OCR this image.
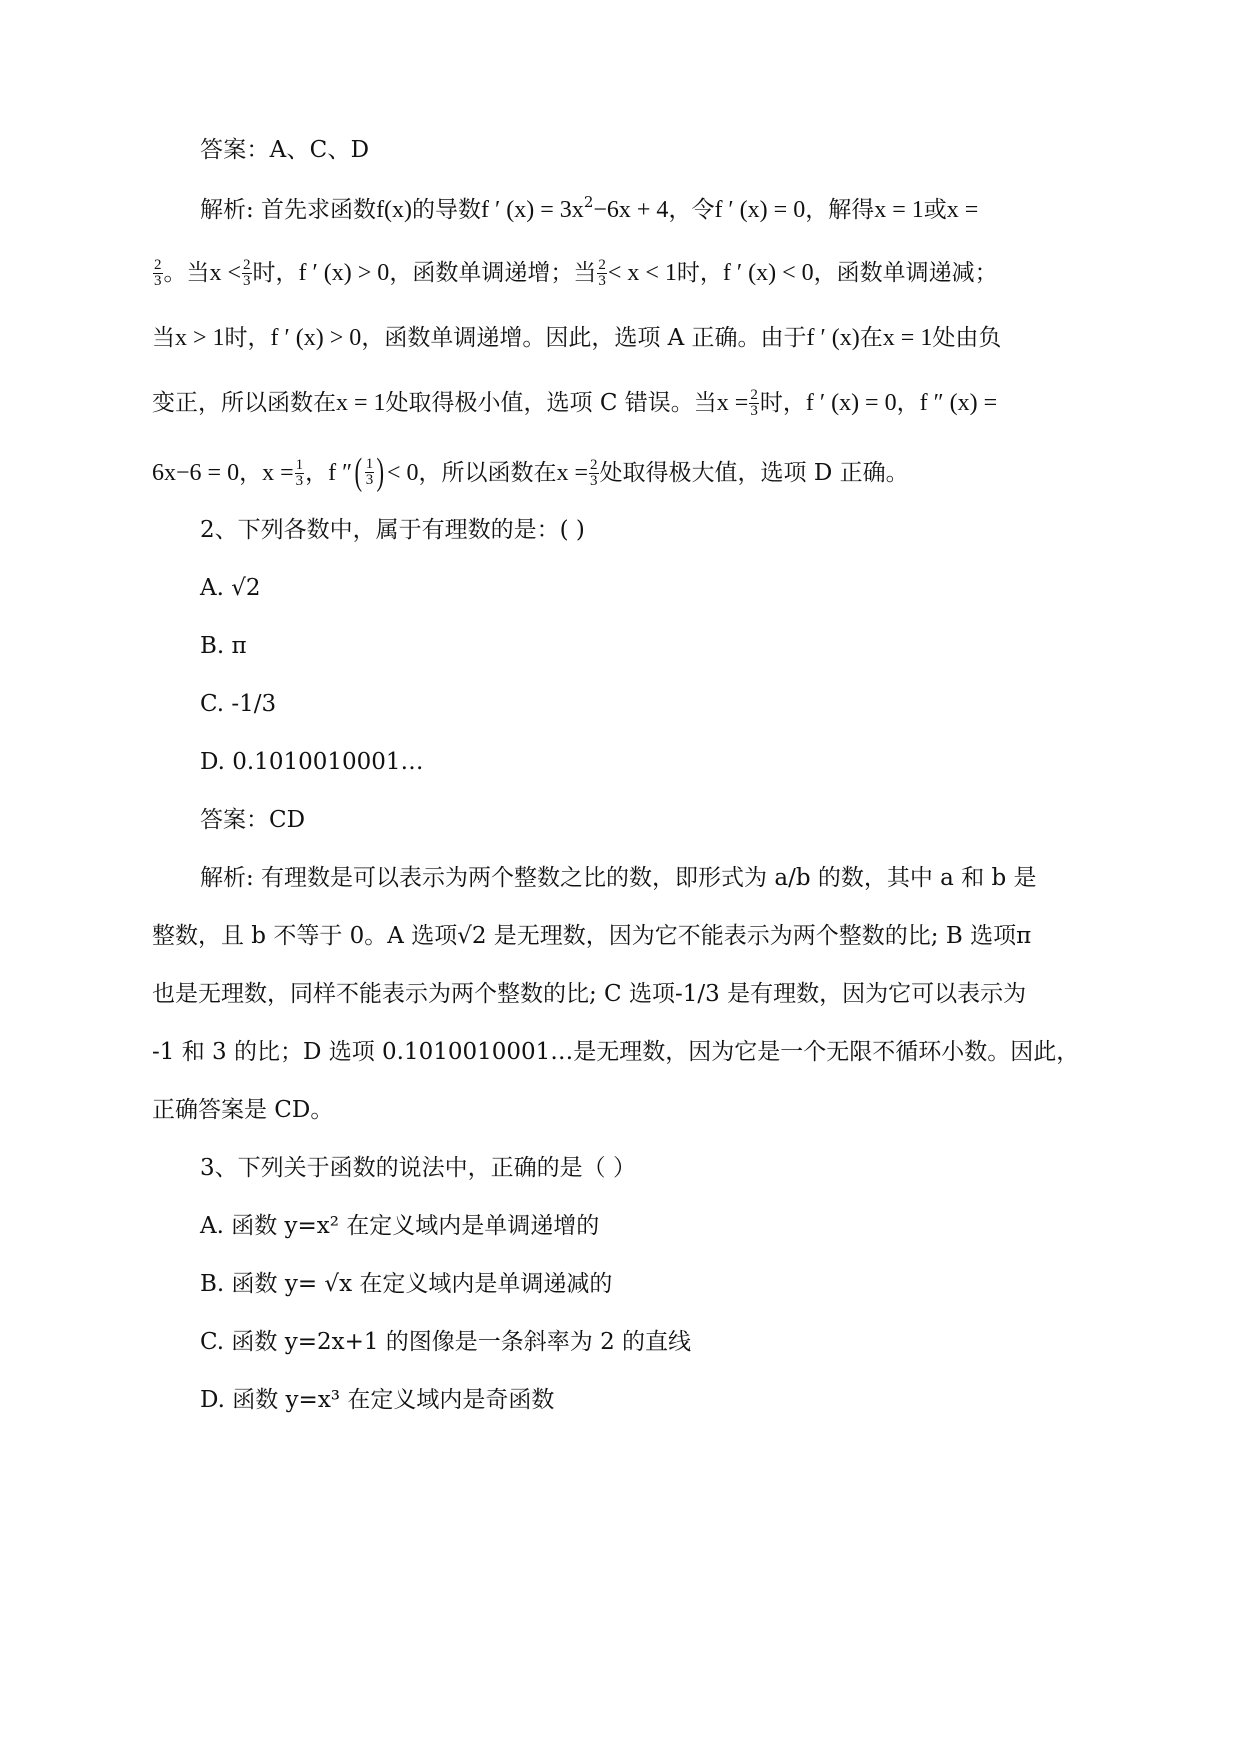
答案：A、C、D
解析: 首先求函数f(x)的导数f ′ $(x) = 3x^2-6x + 4$，令f ′ (x) = 0，解得x = 1或x =
$\frac{2}{3}$ 。当$x < \frac{2}{3}$ 时，f ′ (x) > 0，函数单调递增；当 $\frac{2}{3} < x < 1$时，f ′ (x) < 0，函数单调递减；
当x > 1时，f ′ (x) > 0，函数单调递增。因此，选项 A 正确。由于f ′ (x)在x = 1处由负
变正，所以函数在x = 1处取得极小值，选项 C 错误。当$x = \frac{2}{3}$ 时，f ′ (x) = 0，f ″ (x) =
6x−6 = 0，$x = \frac{1}{3}$ ，f ″ ( $\frac{1}{3}$ ) < 0，所以函数在$x = \frac{2}{3}$ 处取得极大值，选项 D 正确。
2、下列各数中，属于有理数的是：( )
A. √2
B. π
C. -1/3
D. 0.1010010001…
答案：CD
解析: 有理数是可以表示为两个整数之比的数，即形式为 a/b 的数，其中 a 和 b 是
整数，且 b 不等于 0。A 选项√2 是无理数，因为它不能表示为两个整数的比; B 选项π
也是无理数，同样不能表示为两个整数的比; C 选项-1/3 是有理数，因为它可以表示为
-1 和 3 的比；D 选项 0.1010010001…是无理数，因为它是一个无限不循环小数。因此，
正确答案是 CD。
3、下列关于函数的说法中，正确的是（ ）
A. 函数 y=x² 在定义域内是单调递增的
B. 函数 y= √x 在定义域内是单调递减的
C. 函数 y=2x+1 的图像是一条斜率为 2 的直线
D. 函数 y=x³ 在定义域内是奇函数
